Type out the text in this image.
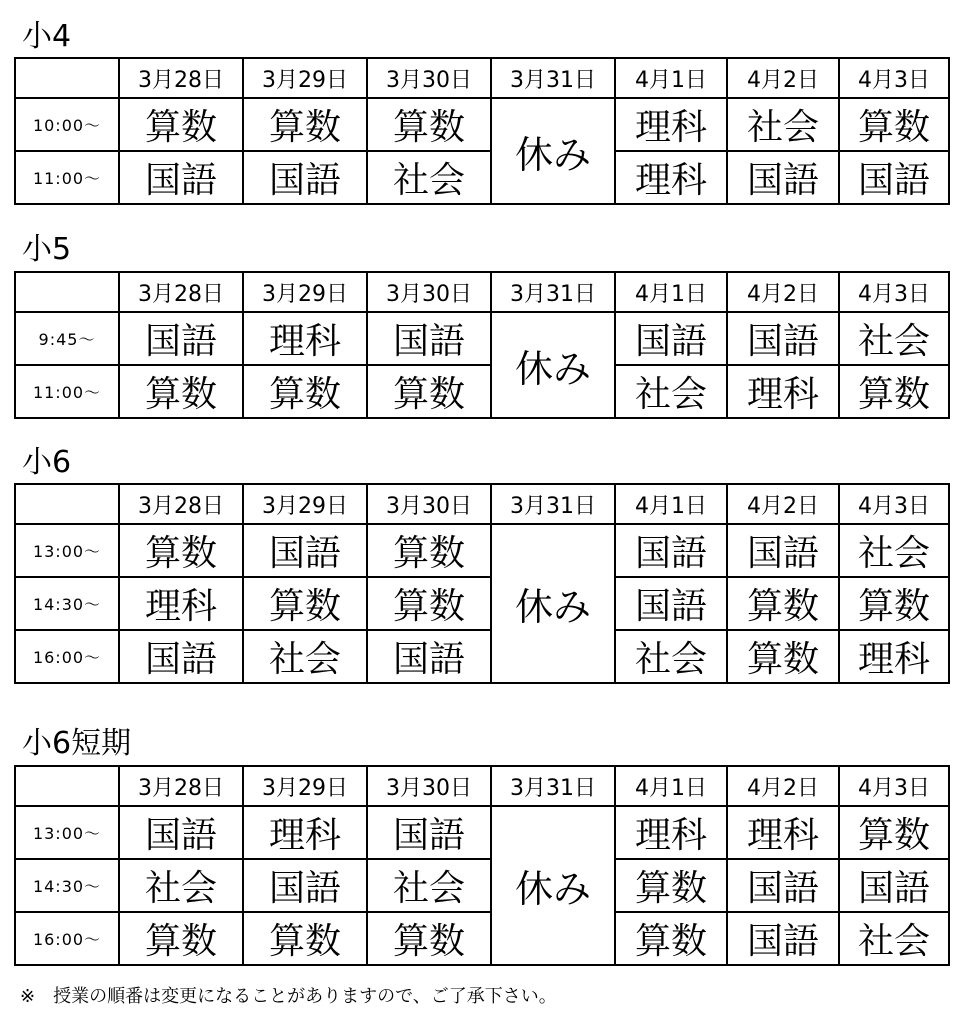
小4
	3月28日	3月29日	3月30日	3月31日	4月1日	4月2日	4月3日
10:00～	算数	算数	算数	休み	理科	社会	算数
11:00～	国語	国語	社会		理科	国語	国語
小5
	3月28日	3月29日	3月30日	3月31日	4月1日	4月2日	4月3日
9:45～	国語	理科	国語	休み	国語	国語	社会
11:00～	算数	算数	算数		社会	理科	算数
小6
	3月28日	3月29日	3月30日	3月31日	4月1日	4月2日	4月3日
13:00～	算数	国語	算数	休み	国語	国語	社会
14:30～	理科	算数	算数		国語	算数	算数
16:00～	国語	社会	国語		社会	算数	理科
小6短期
	3月28日	3月29日	3月30日	3月31日	4月1日	4月2日	4月3日
13:00～	国語	理科	国語	休み	理科	理科	算数
14:30～	社会	国語	社会		算数	国語	国語
16:00～	算数	算数	算数		算数	国語	社会
※　授業の順番は変更になることがありますので、ご了承下さい。
